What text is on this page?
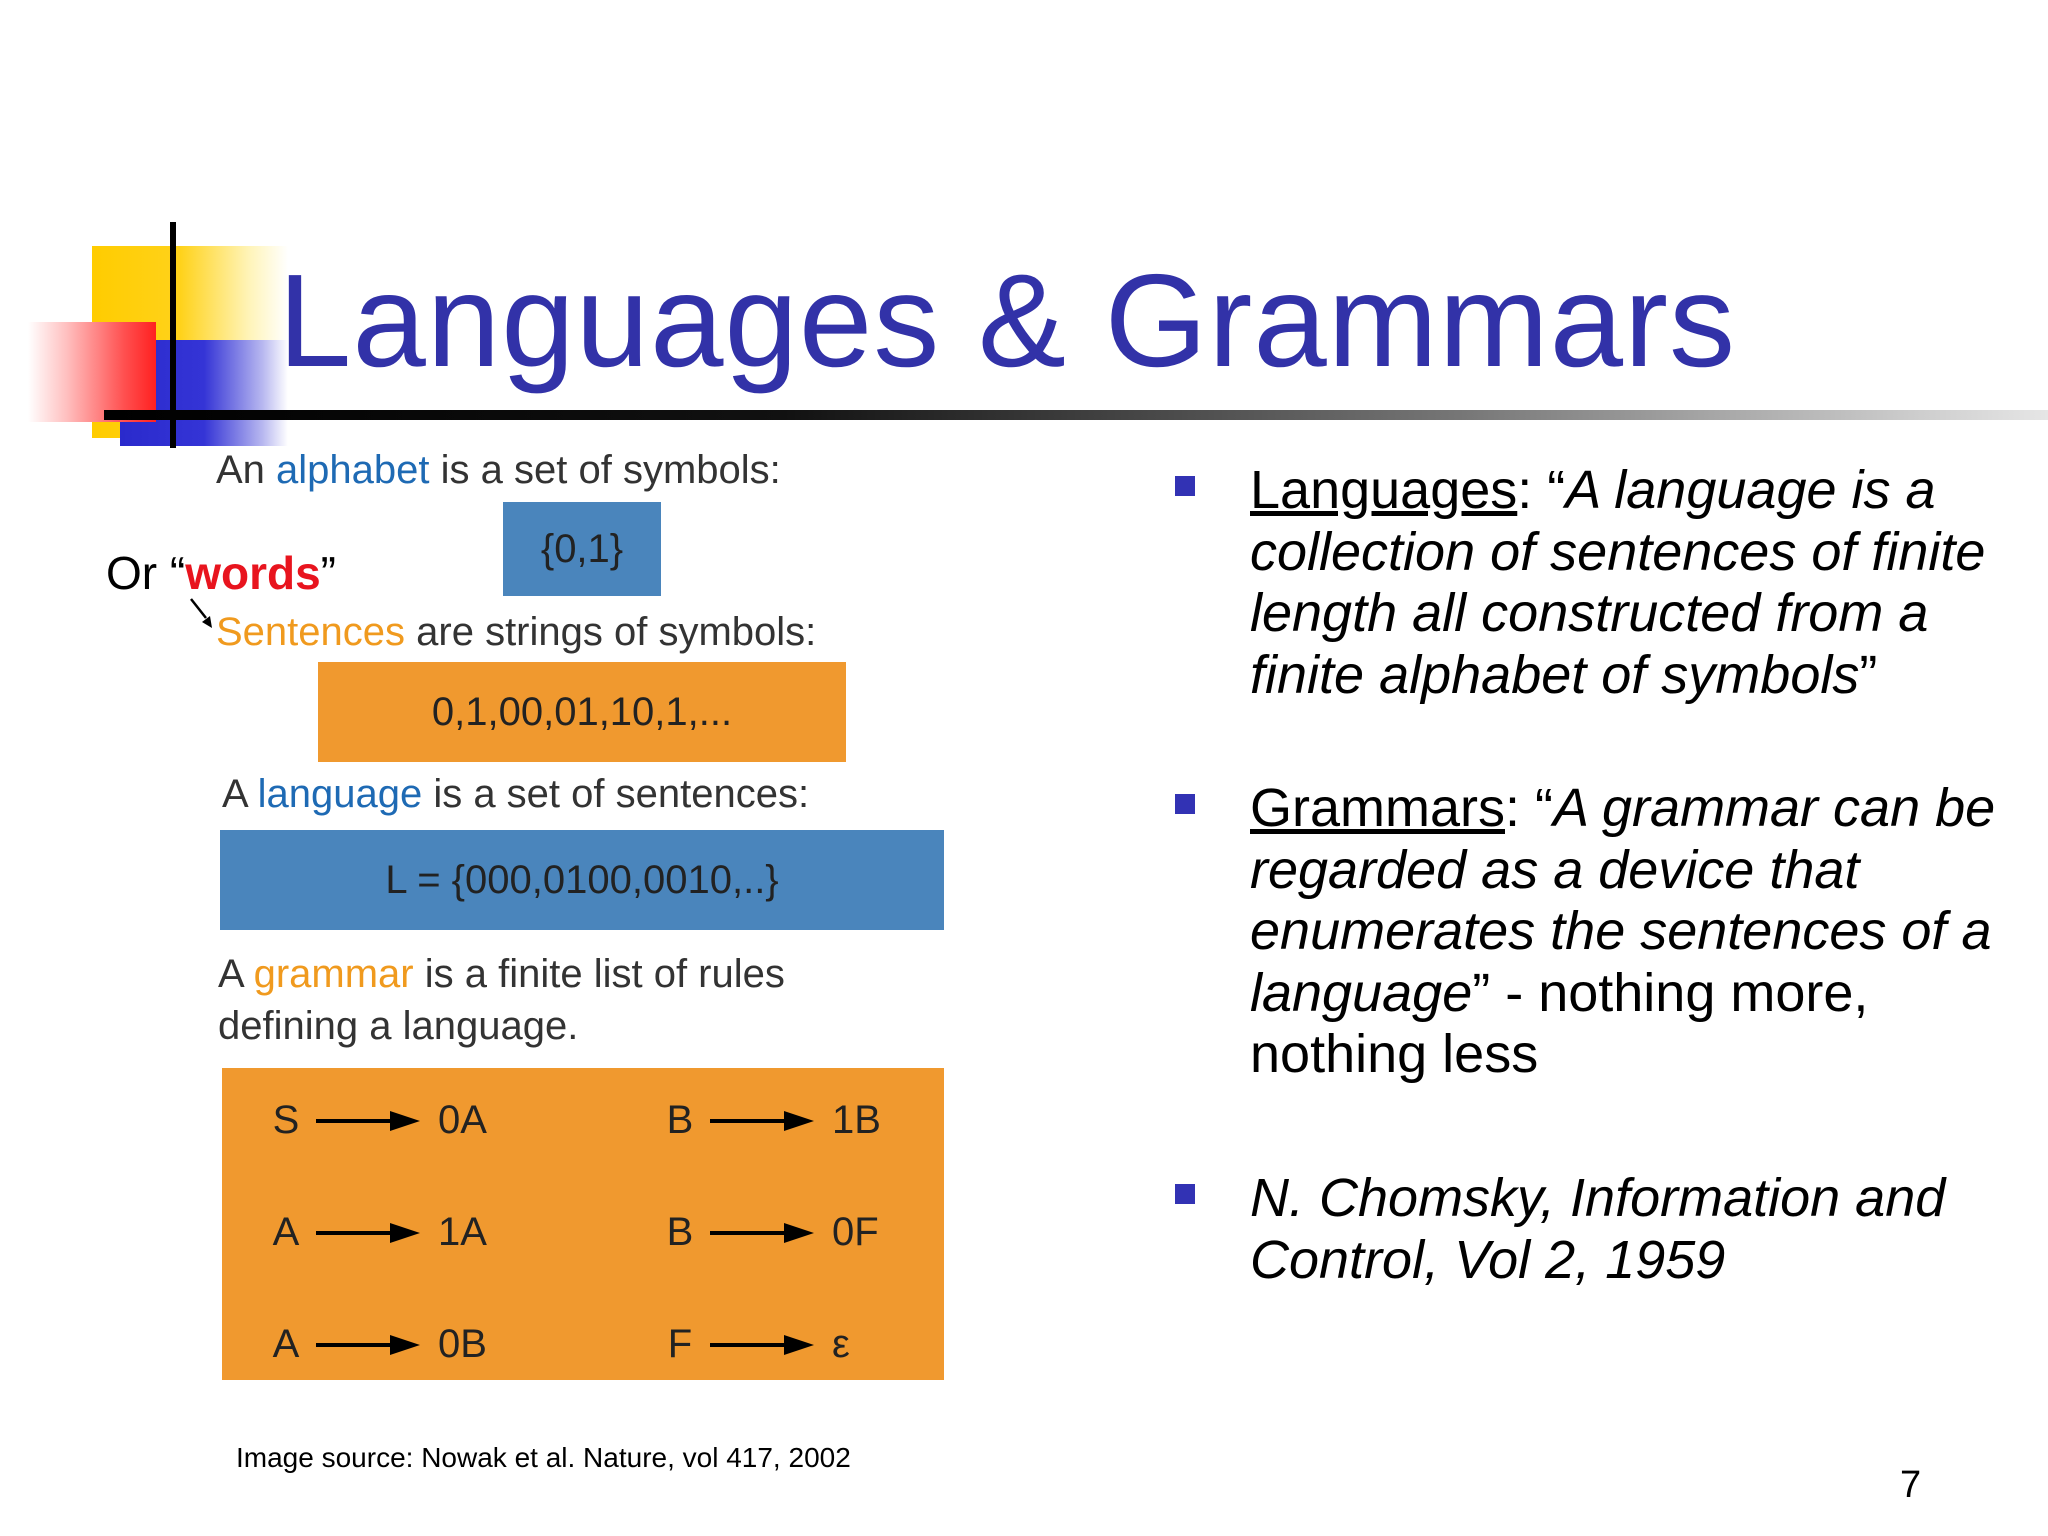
Languages & Grammars
An alphabet is a set of symbols:
{0,1}
Or “words”
Sentences are strings of symbols:
0,1,00,01,10,1,...
A language is a set of sentences:
L = {000,0100,0010,..}
A grammar is a finite list of rules
defining a language.
S	0A	B	1B
A	1A	B	0F
A	0B	F	ε
Image source: Nowak et al. Nature, vol 417, 2002
Languages: “A language is a collection of sentences of finite length all constructed from a finite alphabet of symbols”
Grammars: “A grammar can be regarded as a device that enumerates the sentences of a language” - nothing more, nothing less
N. Chomsky, Information and Control, Vol 2, 1959
7
